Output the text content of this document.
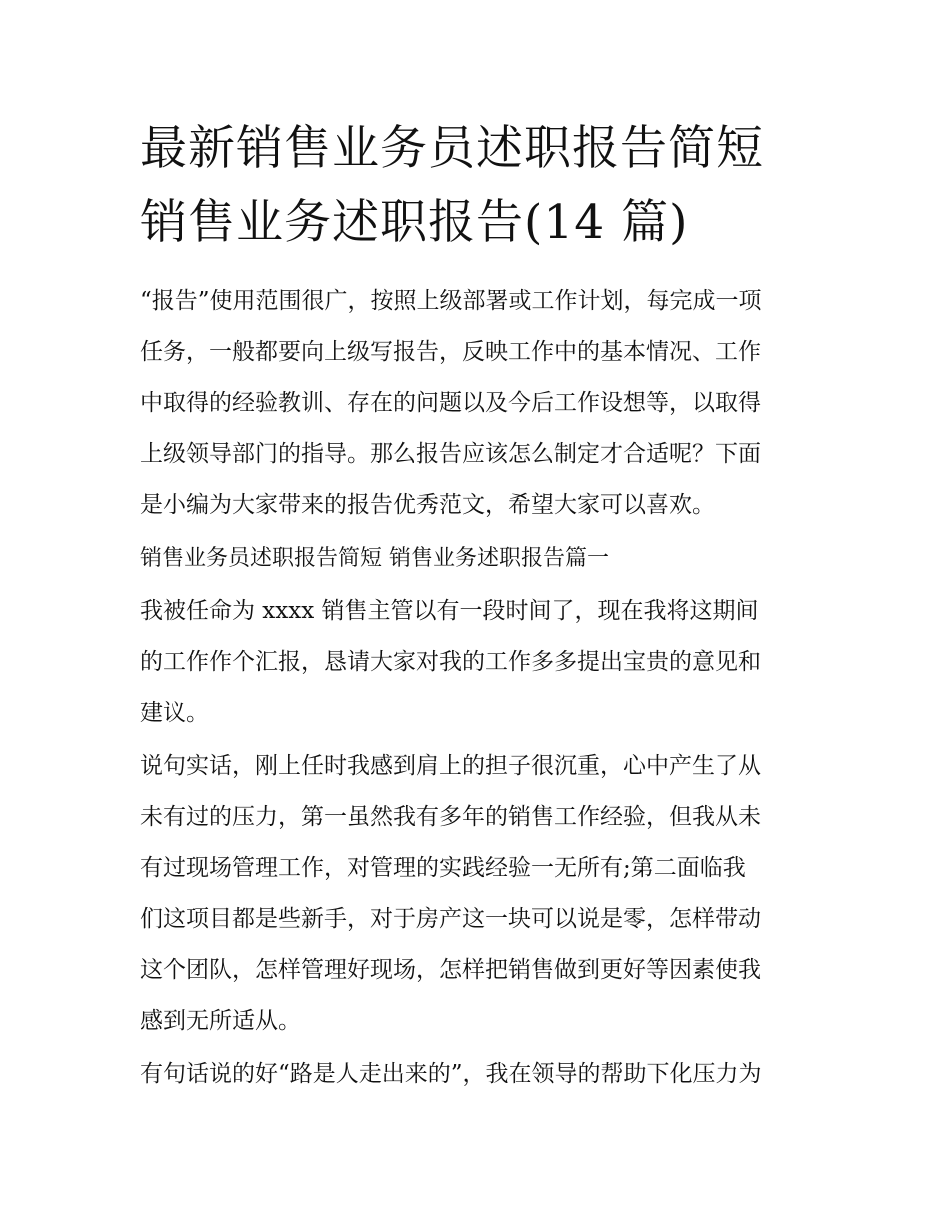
最新销售业务员述职报告简短
销售业务述职报告(14 篇)

“报告”使用范围很广，按照上级部署或工作计划，每完成一项
任务，一般都要向上级写报告，反映工作中的基本情况、工作
中取得的经验教训、存在的问题以及今后工作设想等，以取得
上级领导部门的指导。那么报告应该怎么制定才合适呢？下面
是小编为大家带来的报告优秀范文，希望大家可以喜欢。

销售业务员述职报告简短 销售业务述职报告篇一

我被任命为 xxxx 销售主管以有一段时间了，现在我将这期间
的工作作个汇报，恳请大家对我的工作多多提出宝贵的意见和
建议。

说句实话，刚上任时我感到肩上的担子很沉重，心中产生了从
未有过的压力，第一虽然我有多年的销售工作经验，但我从未
有过现场管理工作，对管理的实践经验一无所有;第二面临我
们这项目都是些新手，对于房产这一块可以说是零，怎样带动
这个团队，怎样管理好现场，怎样把销售做到更好等因素使我
感到无所适从。

有句话说的好“路是人走出来的”，我在领导的帮助下化压力为
